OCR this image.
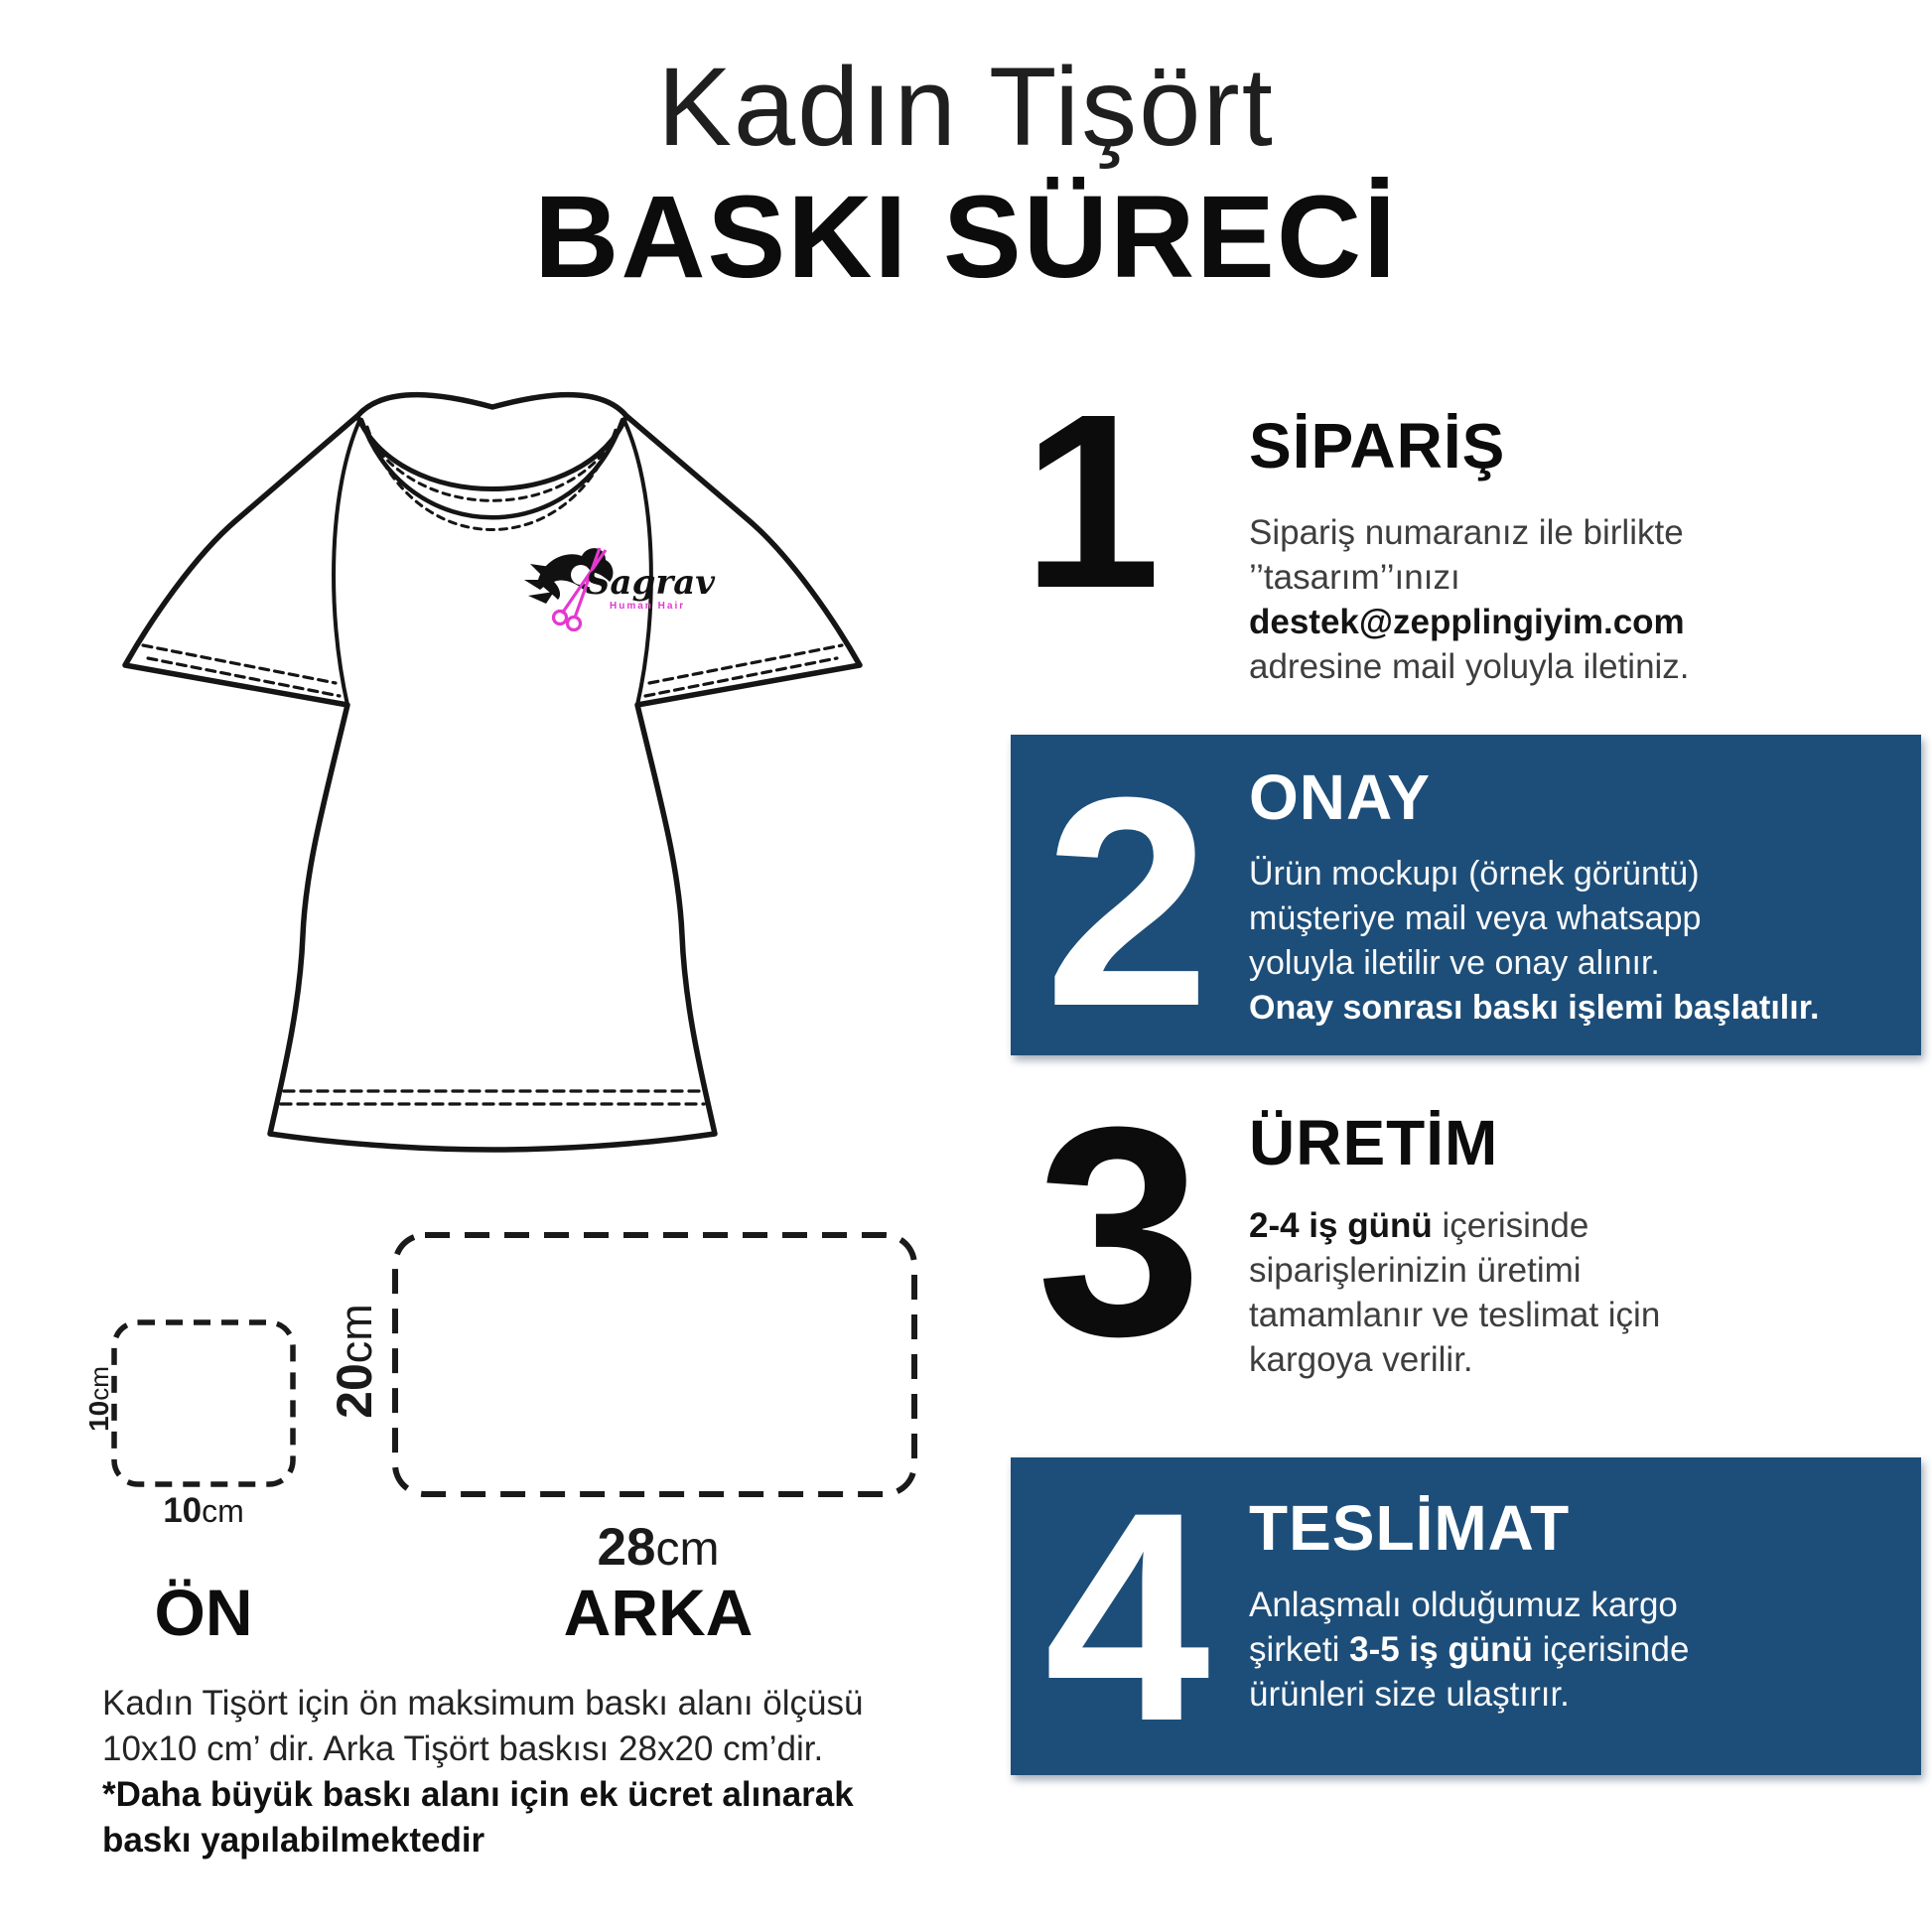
Kadın Tişört
BASKI SÜRECİ
Sagrav
Human Hair
10cm	20cm
10cm
28cm
ÖN	ARKA
Kadın Tişört için ön maksimum baskı alanı ölçüsü
10x10 cm’ dir. Arka Tişört baskısı 28x20 cm’dir.
*Daha büyük baskı alanı için ek ücret alınarak
baskı yapılabilmektedir
1 SİPARİŞ
Sipariş numaranız ile birlikte
’’tasarım’’ınızı
destek@zepplingiyim.com
adresine mail yoluyla iletiniz.
2 ONAY
Ürün mockupı (örnek görüntü)
müşteriye mail veya whatsapp
yoluyla iletilir ve onay alınır.
Onay sonrası baskı işlemi başlatılır.
3 ÜRETİM
2-4 iş günü içerisinde
siparişlerinizin üretimi
tamamlanır ve teslimat için
kargoya verilir.
4 TESLİMAT
Anlaşmalı olduğumuz kargo
şirketi 3-5 iş günü içerisinde
ürünleri size ulaştırır.
